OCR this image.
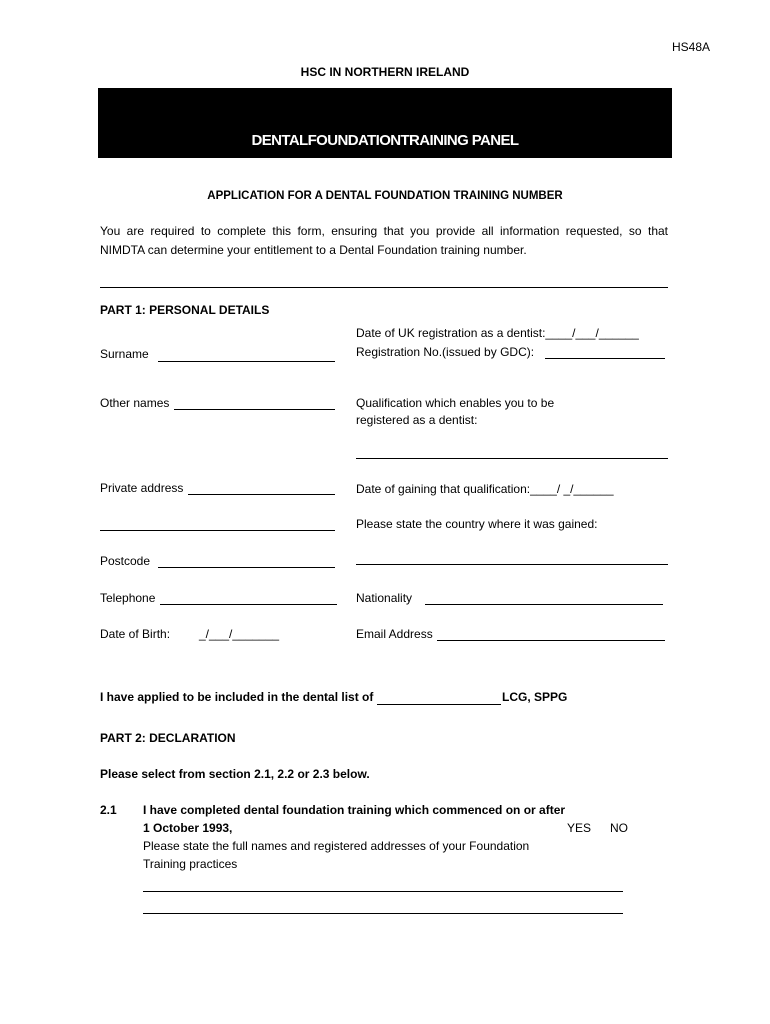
HS48A
HSC IN NORTHERN IRELAND
DENTALFOUNDATIONTRAINING PANEL
APPLICATION FOR A DENTAL FOUNDATION TRAINING NUMBER
You are required to complete this form, ensuring that you provide all information requested, so that NIMDTA can determine your entitlement to a Dental Foundation training number.
PART 1: PERSONAL DETAILS
Surname
Other names
Private address
Postcode
Telephone
Date of Birth: _/___/_______
Date of UK registration as a dentist:____/___/______
Registration No.(issued by GDC):
Qualification which enables you to be
registered as a dentist:
Date of gaining that qualification:____/ _/______
Please state the country where it was gained:
Nationality
Email Address
I have applied to be included in the dental list of	LCG, SPPG
PART 2: DECLARATION
Please select from section 2.1, 2.2 or 2.3 below.
2.1 I have completed dental foundation training which commenced on or after
1 October 1993,	YES NO
Please state the full names and registered addresses of your Foundation
Training practices
